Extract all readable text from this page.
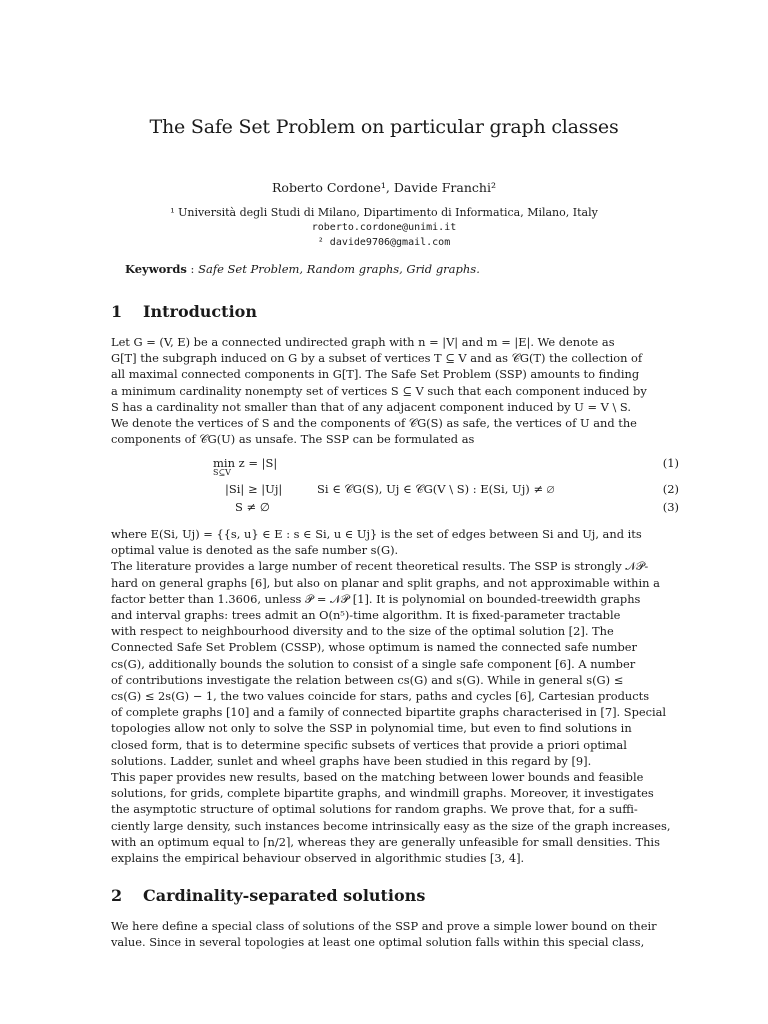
The Safe Set Problem on particular graph classes
Roberto Cordone¹, Davide Franchi²
¹ Università degli Studi di Milano, Dipartimento di Informatica, Milano, Italy
roberto.cordone@unimi.it
² davide9706@gmail.com
Keywords : Safe Set Problem, Random graphs, Grid graphs.
1 Introduction
Let G = (V, E) be a connected undirected graph with n = |V| and m = |E|. We denote as
G[T] the subgraph induced on G by a subset of vertices T ⊆ V and as 𝒞G(T) the collection of
all maximal connected components in G[T]. The Safe Set Problem (SSP) amounts to finding
a minimum cardinality nonempty set of vertices S ⊆ V such that each component induced by
S has a cardinality not smaller than that of any adjacent component induced by U = V \ S.
We denote the vertices of S and the components of 𝒞G(S) as safe, the vertices of U and the
components of 𝒞G(U) as unsafe. The SSP can be formulated as
min z = |S|
S⊆V
(1)
|Si| ≥ |Uj|	Si ∈ 𝒞G(S), Uj ∈ 𝒞G(V \ S) : E(Si, Uj) ≠ ∅	(2)
S ≠ ∅	(3)
where E(Si, Uj) = {{s, u} ∈ E : s ∈ Si, u ∈ Uj} is the set of edges between Si and Uj, and its
optimal value is denoted as the safe number s(G).
The literature provides a large number of recent theoretical results. The SSP is strongly 𝒩𝒫-
hard on general graphs [6], but also on planar and split graphs, and not approximable within a
factor better than 1.3606, unless 𝒫 = 𝒩𝒫 [1]. It is polynomial on bounded-treewidth graphs
and interval graphs: trees admit an O(n⁵)-time algorithm. It is fixed-parameter tractable
with respect to neighbourhood diversity and to the size of the optimal solution [2]. The
Connected Safe Set Problem (CSSP), whose optimum is named the connected safe number
cs(G), additionally bounds the solution to consist of a single safe component [6]. A number
of contributions investigate the relation between cs(G) and s(G). While in general s(G) ≤
cs(G) ≤ 2s(G) − 1, the two values coincide for stars, paths and cycles [6], Cartesian products
of complete graphs [10] and a family of connected bipartite graphs characterised in [7]. Special
topologies allow not only to solve the SSP in polynomial time, but even to find solutions in
closed form, that is to determine specific subsets of vertices that provide a priori optimal
solutions. Ladder, sunlet and wheel graphs have been studied in this regard by [9].
This paper provides new results, based on the matching between lower bounds and feasible
solutions, for grids, complete bipartite graphs, and windmill graphs. Moreover, it investigates
the asymptotic structure of optimal solutions for random graphs. We prove that, for a suffi-
ciently large density, such instances become intrinsically easy as the size of the graph increases,
with an optimum equal to ⌈n/2⌉, whereas they are generally unfeasible for small densities. This
explains the empirical behaviour observed in algorithmic studies [3, 4].
2 Cardinality-separated solutions
We here define a special class of solutions of the SSP and prove a simple lower bound on their
value. Since in several topologies at least one optimal solution falls within this special class,
